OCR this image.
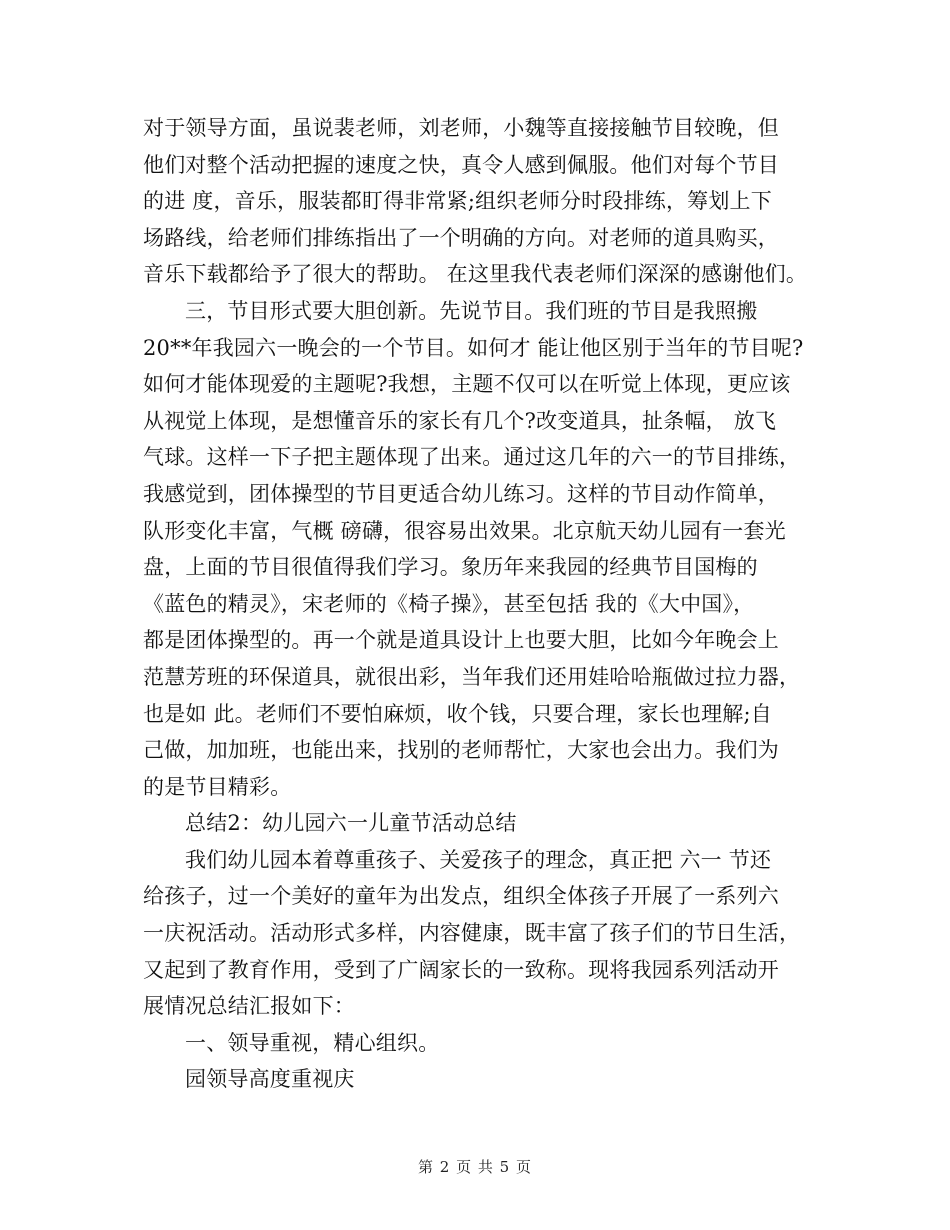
对于领导方面，虽说裴老师，刘老师，小魏等直接接触节目较晚，但
他们对整个活动把握的速度之快，真令人感到佩服。他们对每个节目
的进 度，音乐，服装都盯得非常紧;组织老师分时段排练，筹划上下
场路线，给老师们排练指出了一个明确的方向。对老师的道具购买，
音乐下载都给予了很大的帮助。 在这里我代表老师们深深的感谢他们。
三，节目形式要大胆创新。先说节目。我们班的节目是我照搬
20**年我园六一晚会的一个节目。如何才 能让他区别于当年的节目呢?
如何才能体现爱的主题呢?我想，主题不仅可以在听觉上体现，更应该
从视觉上体现，是想懂音乐的家长有几个?改变道具，扯条幅， 放飞
气球。这样一下子把主题体现了出来。通过这几年的六一的节目排练，
我感觉到，团体操型的节目更适合幼儿练习。这样的节目动作简单，
队形变化丰富，气概 磅礴，很容易出效果。北京航天幼儿园有一套光
盘，上面的节目很值得我们学习。象历年来我园的经典节目国梅的
《蓝色的精灵》，宋老师的《椅子操》，甚至包括 我的《大中国》，
都是团体操型的。再一个就是道具设计上也要大胆，比如今年晚会上
范慧芳班的环保道具，就很出彩，当年我们还用娃哈哈瓶做过拉力器，
也是如 此。老师们不要怕麻烦，收个钱，只要合理，家长也理解;自
己做，加加班，也能出来，找别的老师帮忙，大家也会出力。我们为
的是节目精彩。
总结2：幼儿园六一儿童节活动总结
我们幼儿园本着尊重孩子、关爱孩子的理念，真正把 六一 节还
给孩子，过一个美好的童年为出发点，组织全体孩子开展了一系列六
一庆祝活动。活动形式多样，内容健康，既丰富了孩子们的节日生活，
又起到了教育作用，受到了广阔家长的一致称。现将我园系列活动开
展情况总结汇报如下：
一、领导重视，精心组织。
园领导高度重视庆
第 2 页 共 5 页
